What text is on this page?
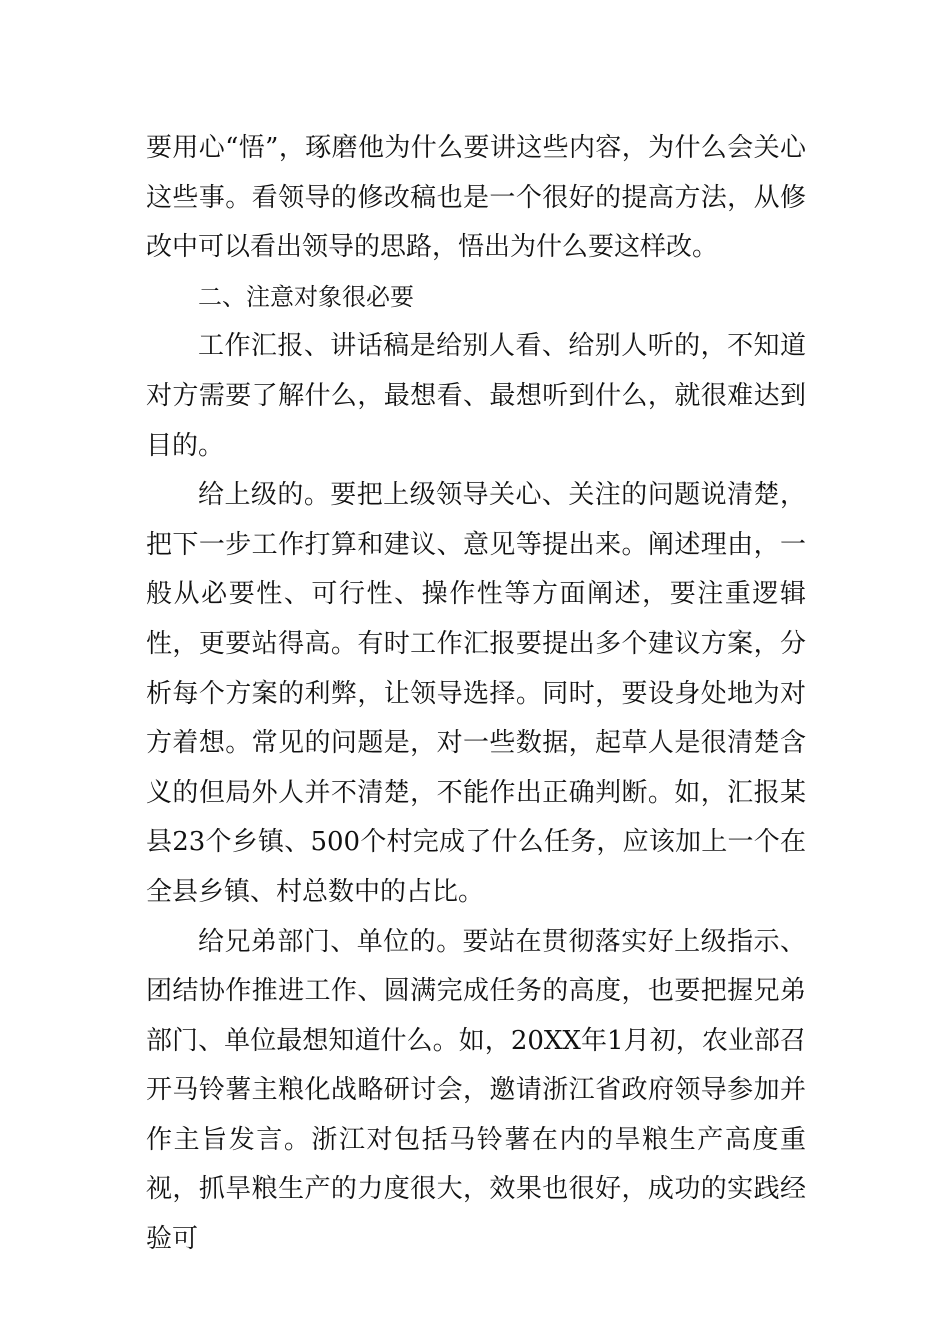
要用心“悟”，琢磨他为什么要讲这些内容，为什么会关心这些事。看领导的修改稿也是一个很好的提高方法，从修改中可以看出领导的思路，悟出为什么要这样改。

二、注意对象很必要

工作汇报、讲话稿是给别人看、给别人听的，不知道对方需要了解什么，最想看、最想听到什么，就很难达到目的。

给上级的。要把上级领导关心、关注的问题说清楚，把下一步工作打算和建议、意见等提出来。阐述理由，一般从必要性、可行性、操作性等方面阐述，要注重逻辑性，更要站得高。有时工作汇报要提出多个建议方案，分析每个方案的利弊，让领导选择。同时，要设身处地为对方着想。常见的问题是，对一些数据，起草人是很清楚含义的但局外人并不清楚，不能作出正确判断。如，汇报某县23个乡镇、500个村完成了什么任务，应该加上一个在全县乡镇、村总数中的占比。

给兄弟部门、单位的。要站在贯彻落实好上级指示、团结协作推进工作、圆满完成任务的高度，也要把握兄弟部门、单位最想知道什么。如，20XX年1月初，农业部召开马铃薯主粮化战略研讨会，邀请浙江省政府领导参加并作主旨发言。浙江对包括马铃薯在内的旱粮生产高度重视，抓旱粮生产的力度很大，效果也很好，成功的实践经验可
